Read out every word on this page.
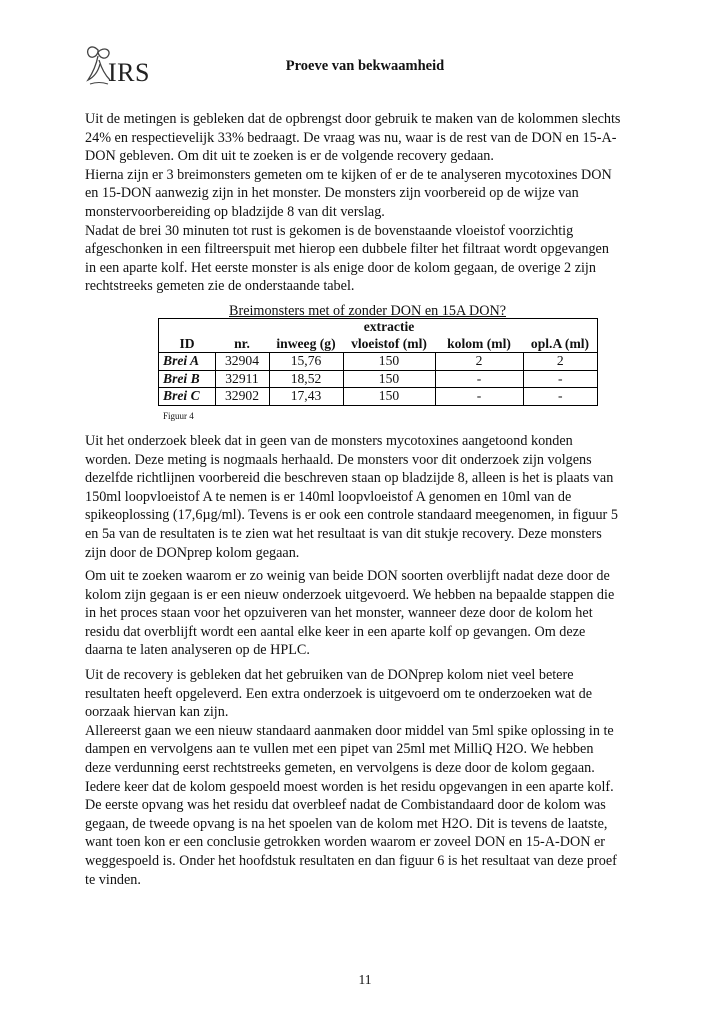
IRS	Proeve van bekwaamheid

Uit de metingen is gebleken dat de opbrengst door gebruik te maken van de kolommen slechts

24% en respectievelijk 33% bedraagt. De vraag was nu, waar is de rest van de DON en 15-A-

DON gebleven. Om dit uit te zoeken is er de volgende recovery gedaan.

Hierna zijn er 3 breimonsters gemeten om te kijken of er de te analyseren mycotoxines DON

en 15-DON aanwezig zijn in het monster. De monsters zijn voorbereid op de wijze van

monstervoorbereiding op bladzijde 8 van dit verslag.

Nadat de brei 30 minuten tot rust is gekomen is de bovenstaande vloeistof voorzichtig

afgeschonken in een filtreerspuit met hierop een dubbele filter het filtraat wordt opgevangen

in een aparte kolf. Het eerste monster is als enige door de kolom gegaan, de overige 2 zijn

rechtstreeks gemeten zie de onderstaande tabel.

Breimonsters met of zonder DON en 15A DON?
			extractie		
ID	nr.	inweeg (g)	vloeistof (ml)	kolom (ml)	opl.A (ml)
Brei A	32904	15,76	150	2	2
Brei B	32911	18,52	150	-	-
Brei C	32902	17,43	150	-	-
Figuur 4

Uit het onderzoek bleek dat in geen van de monsters mycotoxines aangetoond konden

worden. Deze meting is nogmaals herhaald. De monsters voor dit onderzoek zijn volgens

dezelfde richtlijnen voorbereid die beschreven staan op bladzijde 8, alleen is het is plaats van

150ml loopvloeistof A te nemen is er 140ml loopvloeistof A genomen en 10ml van de

spikeoplossing (17,6µg/ml). Tevens is er ook een controle standaard meegenomen, in figuur 5

en 5a van de resultaten is te zien wat het resultaat is van dit stukje recovery. Deze monsters

zijn door de DONprep kolom gegaan.

Om uit te zoeken waarom er zo weinig van beide DON soorten overblijft nadat deze door de

kolom zijn gegaan is er een nieuw onderzoek uitgevoerd. We hebben na bepaalde stappen die

in het proces staan voor het opzuiveren van het monster, wanneer deze door de kolom het

residu dat overblijft wordt een aantal elke keer in een aparte kolf op gevangen. Om deze

daarna te laten analyseren op de HPLC.

Uit de recovery is gebleken dat het gebruiken van de DONprep kolom niet veel betere

resultaten heeft opgeleverd. Een extra onderzoek is uitgevoerd om te onderzoeken wat de

oorzaak hiervan kan zijn.

Allereerst gaan we een nieuw standaard aanmaken door middel van 5ml spike oplossing in te

dampen en vervolgens aan te vullen met een pipet van 25ml met MilliQ H2O. We hebben

deze verdunning eerst rechtstreeks gemeten, en vervolgens is deze door de kolom gegaan.

Iedere keer dat de kolom gespoeld moest worden is het residu opgevangen in een aparte kolf.

De eerste opvang was het residu dat overbleef nadat de Combistandaard door de kolom was

gegaan, de tweede opvang is na het spoelen van de kolom met H2O. Dit is tevens de laatste,

want toen kon er een conclusie getrokken worden waarom er zoveel DON en 15-A-DON er

weggespoeld is. Onder het hoofdstuk resultaten en dan figuur 6 is het resultaat van deze proef

te vinden.

11
